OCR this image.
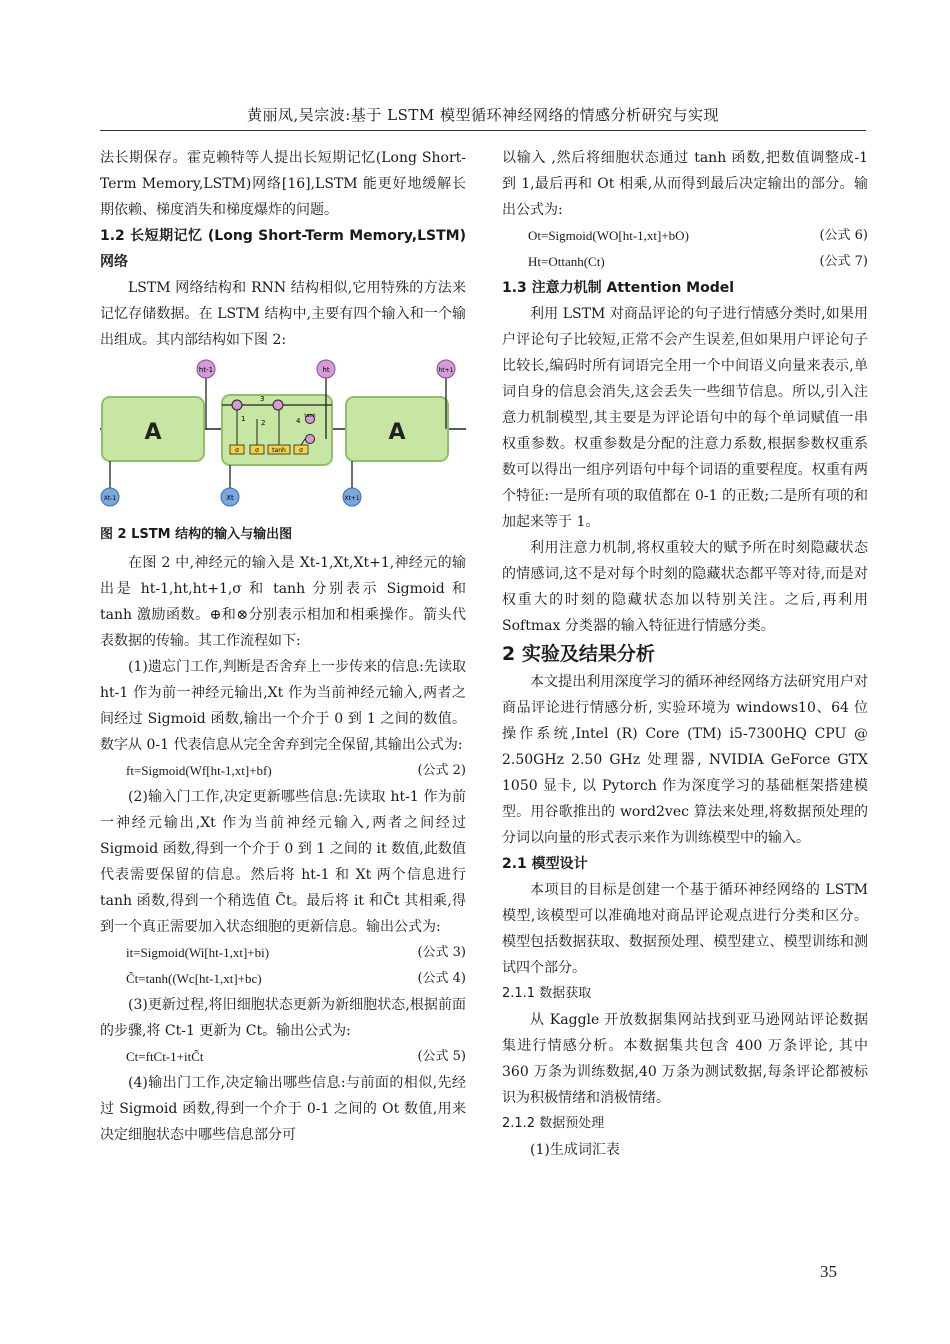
黄丽凤,吴宗波:基于 LSTM 模型循环神经网络的情感分析研究与实现

法长期保存。霍克赖特等人提出长短期记忆(Long Short-Term Memory,LSTM)网络[16],LSTM 能更好地缓解长期依赖、梯度消失和梯度爆炸的问题。

1.2 长短期记忆 (Long Short-Term Memory,LSTM)网络

LSTM 网络结构和 RNN 结构相似,它用特殊的方法来记忆存储数据。在 LSTM 结构中,主要有四个输入和一个输出组成。其内部结构如下图 2:

A	A
σ	σ tanh σ
tanh
1 2
3
4
ht-1	ht	ht+1
Xt-1	Xt	Xt+1

图 2 LSTM 结构的输入与输出图

在图 2 中,神经元的输入是 Xt-1,Xt,Xt+1,神经元的输出是 ht-1,ht,ht+1,σ 和 tanh 分别表示 Sigmoid 和 tanh 激励函数。⊕和⊗分别表示相加和相乘操作。箭头代表数据的传输。其工作流程如下:

(1)遗忘门工作,判断是否舍弃上一步传来的信息:先读取 ht-1 作为前一神经元输出,Xt 作为当前神经元输入,两者之间经过 Sigmoid 函数,输出一个介于 0 到 1 之间的数值。数字从 0-1 代表信息从完全舍弃到完全保留,其输出公式为:

ft=Sigmoid(Wf[ht-1,xt]+bf)	(公式 2)

(2)输入门工作,决定更新哪些信息:先读取 ht-1 作为前一神经元输出,Xt 作为当前神经元输入,两者之间经过 Sigmoid 函数,得到一个介于 0 到 1 之间的 it 数值,此数值代表需要保留的信息。然后将 ht-1 和 Xt 两个信息进行 tanh 函数,得到一个稍选值 C̃t。最后将 it 和C̃t 其相乘,得到一个真正需要加入状态细胞的更新信息。输出公式为:

it=Sigmoid(Wi[ht-1,xt]+bi)	(公式 3)
C̃t=tanh((Wc[ht-1,xt]+bc)	(公式 4)

(3)更新过程,将旧细胞状态更新为新细胞状态,根据前面的步骤,将 Ct-1 更新为 Ct。输出公式为:

Ct=ftCt-1+itC̃t	(公式 5)

(4)输出门工作,决定输出哪些信息:与前面的相似,先经过 Sigmoid 函数,得到一个介于 0-1 之间的 Ot 数值,用来决定细胞状态中哪些信息部分可

以输入 ,然后将细胞状态通过 tanh 函数,把数值调整成-1 到 1,最后再和 Ot 相乘,从而得到最后决定输出的部分。输出公式为:

Ot=Sigmoid(WO[ht-1,xt]+bO)	(公式 6)
Ht=Ottanh(Ct)	(公式 7)

1.3 注意力机制 Attention Model

利用 LSTM 对商品评论的句子进行情感分类时,如果用户评论句子比较短,正常不会产生误差,但如果用户评论句子比较长,编码时所有词语完全用一个中间语义向量来表示,单词自身的信息会消失,这会丢失一些细节信息。所以,引入注意力机制模型,其主要是为评论语句中的每个单词赋值一串权重参数。权重参数是分配的注意力系数,根据参数权重系数可以得出一组序列语句中每个词语的重要程度。权重有两个特征:一是所有项的取值都在 0-1 的正数;二是所有项的和加起来等于 1。

利用注意力机制,将权重较大的赋予所在时刻隐藏状态的情感词,这不是对每个时刻的隐藏状态都平等对待,而是对权重大的时刻的隐藏状态加以特别关注。之后,再利用 Softmax 分类器的输入特征进行情感分类。

2 实验及结果分析

本文提出利用深度学习的循环神经网络方法研究用户对商品评论进行情感分析, 实验环境为 windows10、64 位操作系统,Intel (R) Core (TM) i5-7300HQ CPU @ 2.50GHz 2.50 GHz 处理器, NVIDIA GeForce GTX 1050 显卡, 以 Pytorch 作为深度学习的基础框架搭建模型。用谷歌推出的 word2vec 算法来处理,将数据预处理的分词以向量的形式表示来作为训练模型中的输入。

2.1 模型设计

本项目的目标是创建一个基于循环神经网络的 LSTM 模型,该模型可以准确地对商品评论观点进行分类和区分。模型包括数据获取、数据预处理、模型建立、模型训练和测试四个部分。

2.1.1 数据获取

从 Kaggle 开放数据集网站找到亚马逊网站评论数据集进行情感分析。本数据集共包含 400 万条评论, 其中 360 万条为训练数据,40 万条为测试数据,每条评论都被标识为积极情绪和消极情绪。

2.1.2 数据预处理

(1)生成词汇表

35
